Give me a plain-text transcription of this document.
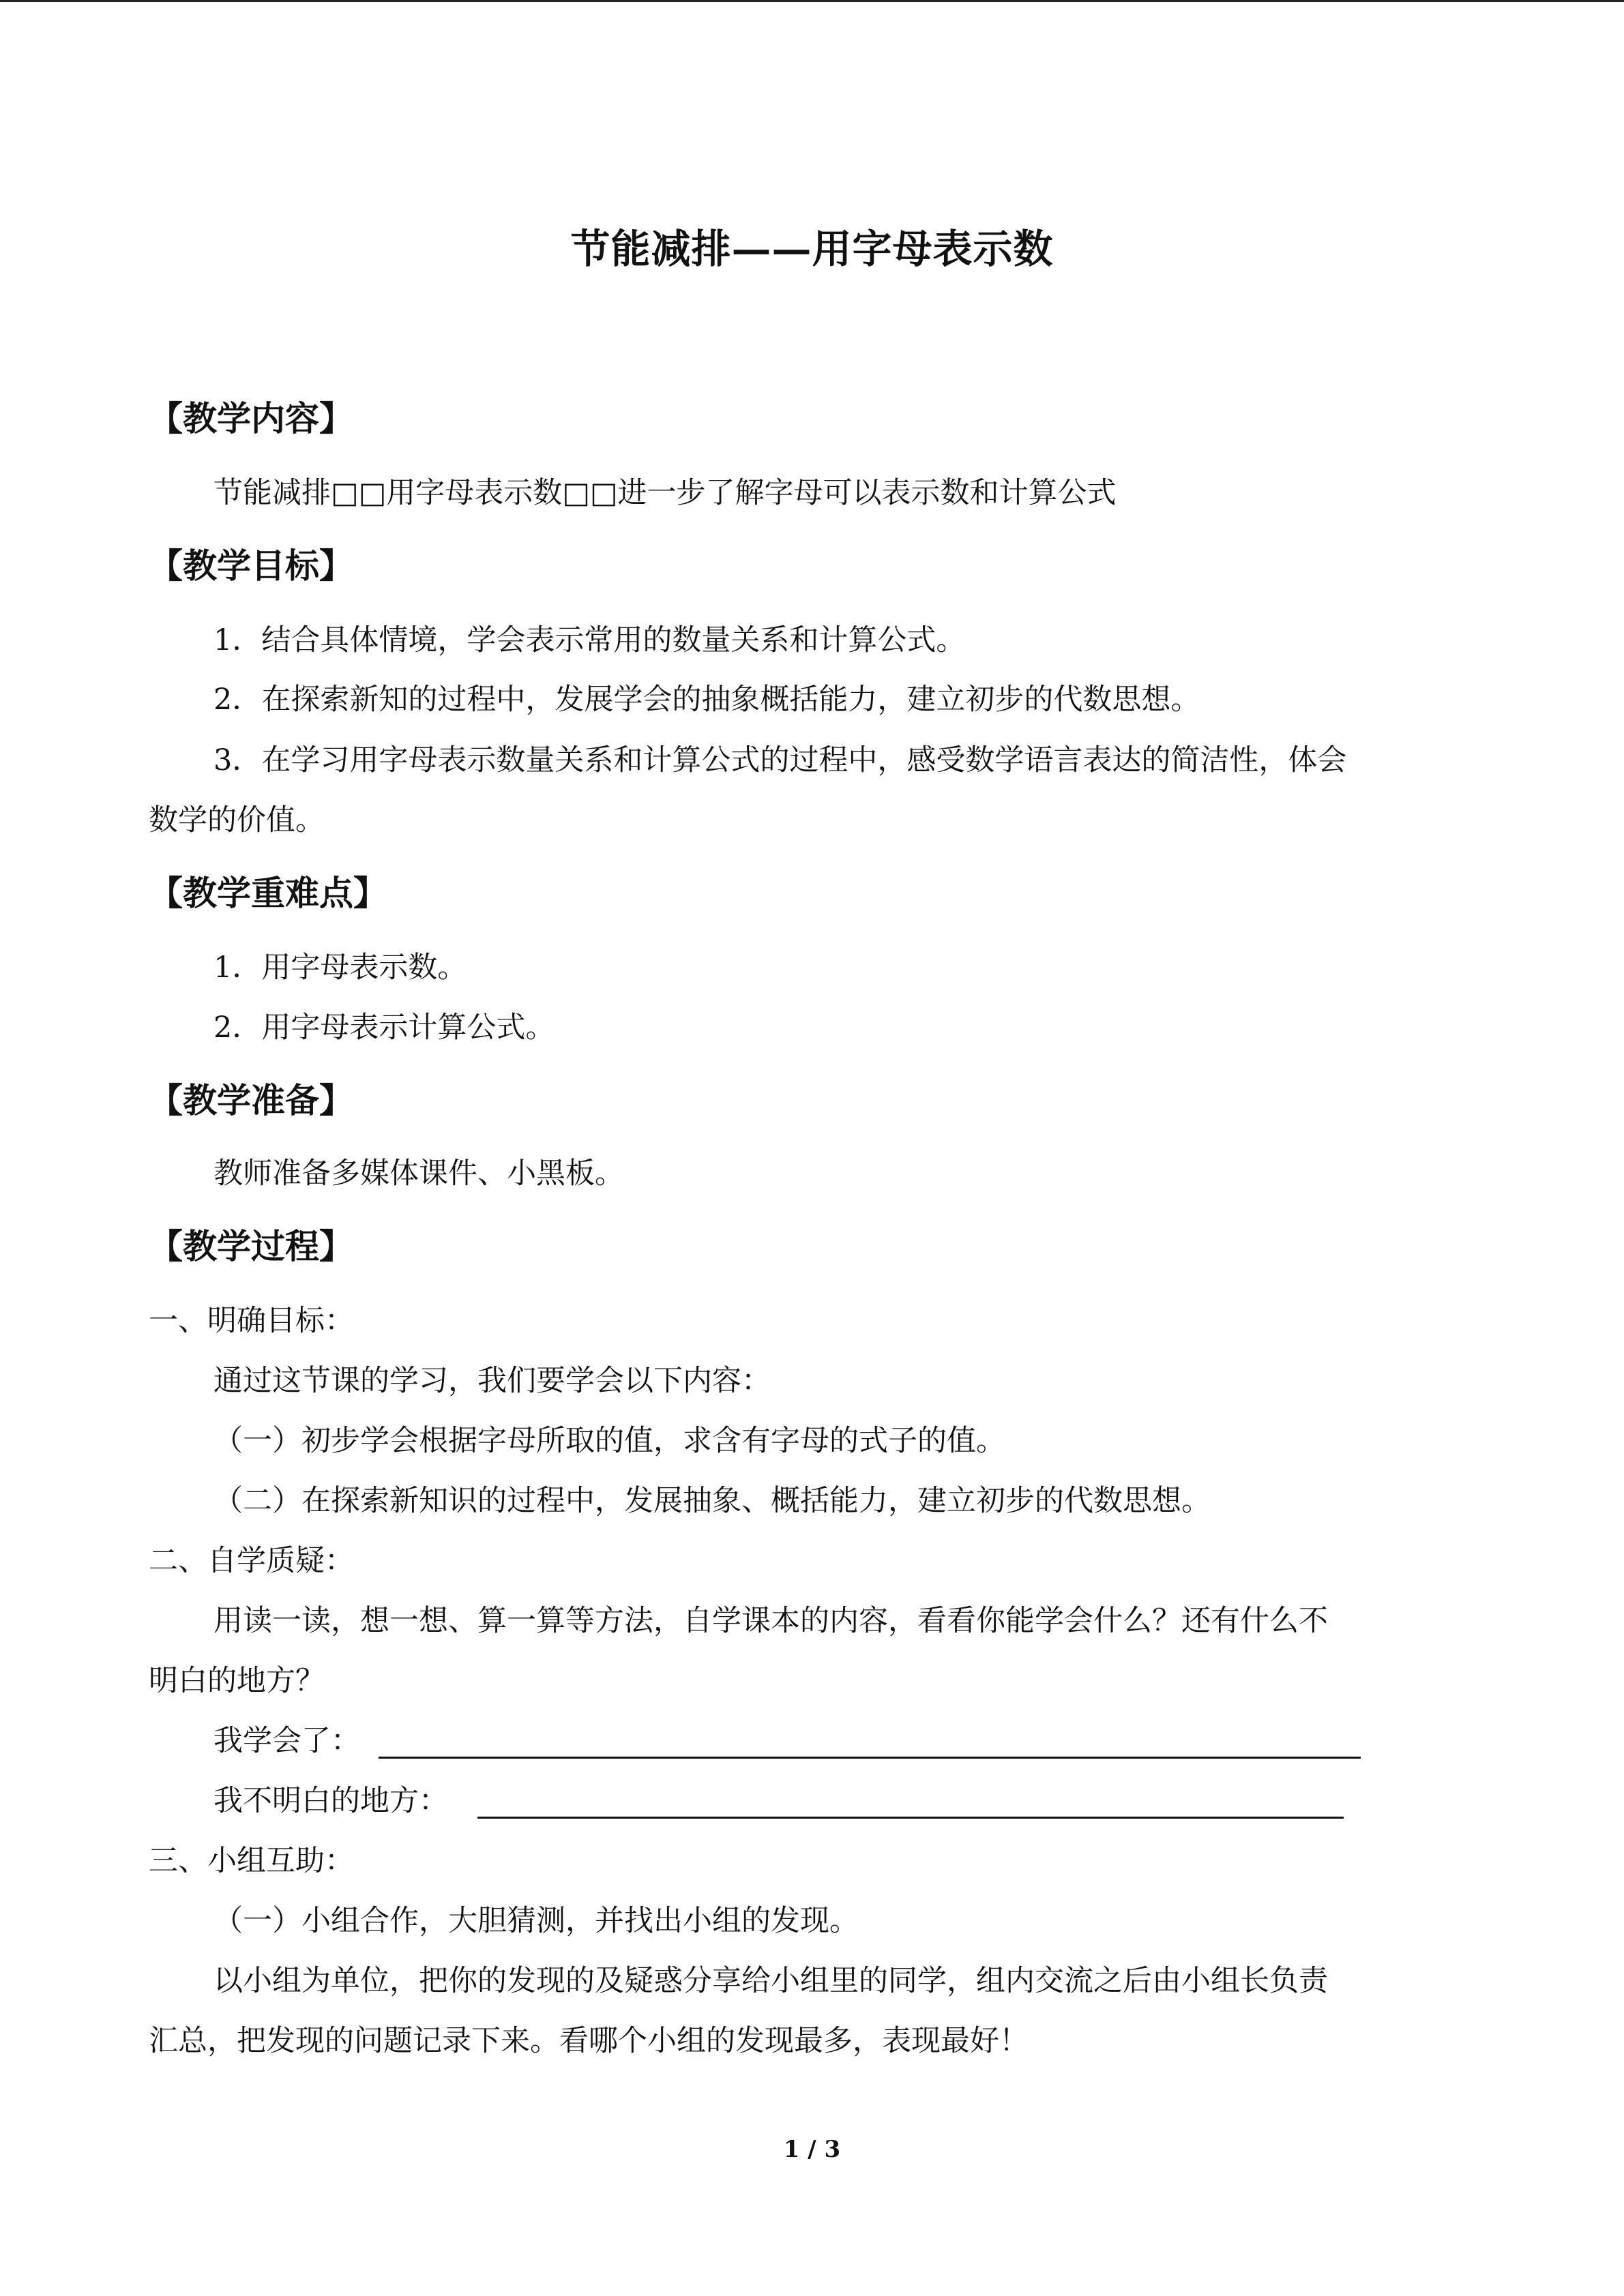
节能减排——用字母表示数
【教学内容】
节能减排□□用字母表示数□□进一步了解字母可以表示数和计算公式
【教学目标】
1．结合具体情境，学会表示常用的数量关系和计算公式。
2．在探索新知的过程中，发展学会的抽象概括能力，建立初步的代数思想。
3．在学习用字母表示数量关系和计算公式的过程中，感受数学语言表达的简洁性，体会
数学的价值。
【教学重难点】
1．用字母表示数。
2．用字母表示计算公式。
【教学准备】
教师准备多媒体课件、小黑板。
【教学过程】
一、明确目标：
通过这节课的学习，我们要学会以下内容：
（一）初步学会根据字母所取的值，求含有字母的式子的值。
（二）在探索新知识的过程中，发展抽象、概括能力，建立初步的代数思想。
二、自学质疑：
用读一读，想一想、算一算等方法，自学课本的内容，看看你能学会什么？还有什么不
明白的地方？
我学会了：
我不明白的地方：
三、小组互助：
（一）小组合作，大胆猜测，并找出小组的发现。
以小组为单位，把你的发现的及疑惑分享给小组里的同学，组内交流之后由小组长负责
汇总，把发现的问题记录下来。看哪个小组的发现最多，表现最好！
1 / 3
